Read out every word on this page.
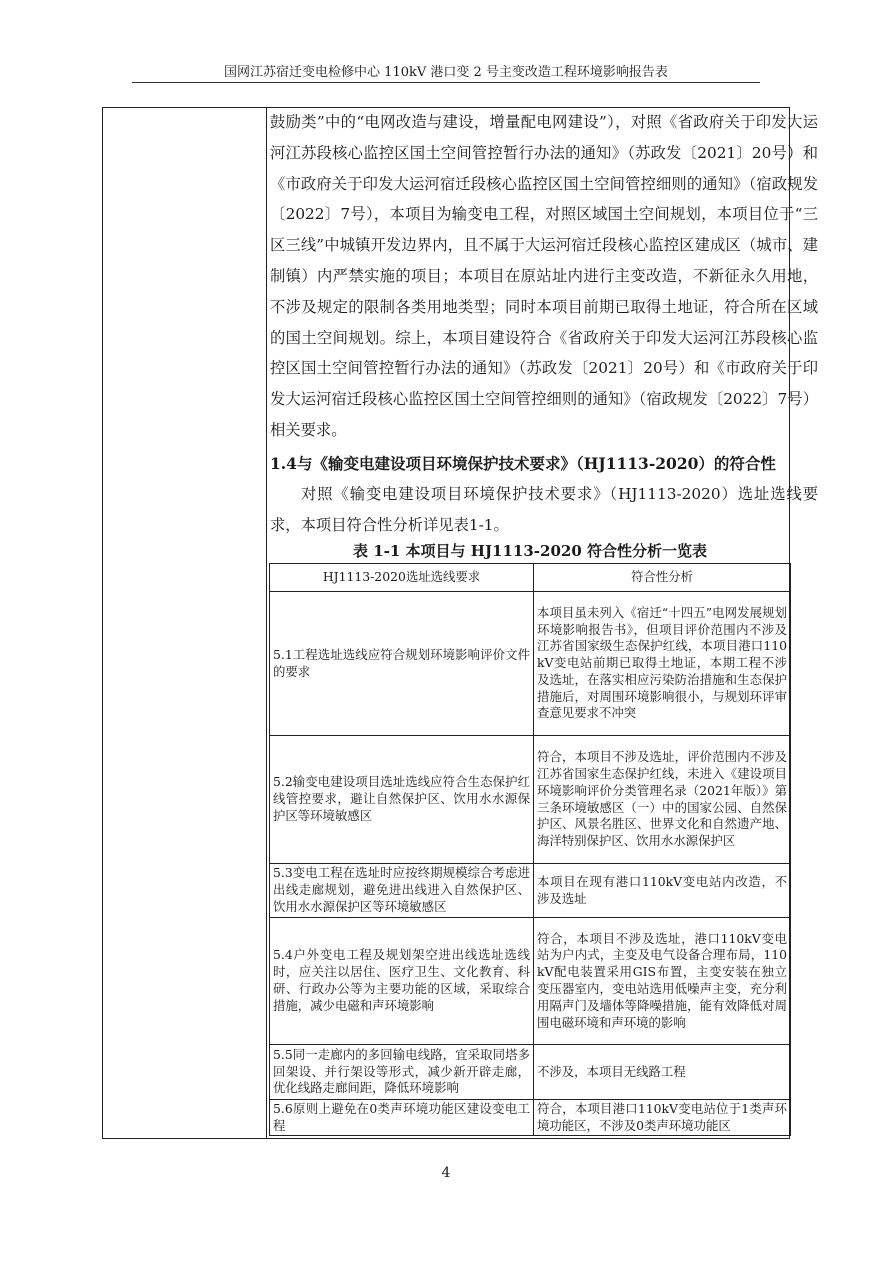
国网江苏宿迁变电检修中心 110kV 港口变 2 号主变改造工程环境影响报告表

鼓励类”中的“电网改造与建设，增量配电网建设”），对照《省政府关于印发大运河江苏段核心监控区国土空间管控暂行办法的通知》（苏政发〔2021〕20号）和《市政府关于印发大运河宿迁段核心监控区国土空间管控细则的通知》（宿政规发〔2022〕7号），本项目为输变电工程，对照区域国土空间规划，本项目位于“三区三线”中城镇开发边界内，且不属于大运河宿迁段核心监控区建成区（城市、建制镇）内严禁实施的项目；本项目在原站址内进行主变改造，不新征永久用地，不涉及规定的限制各类用地类型；同时本项目前期已取得土地证，符合所在区域的国土空间规划。综上，本项目建设符合《省政府关于印发大运河江苏段核心监控区国土空间管控暂行办法的通知》（苏政发〔2021〕20号）和《市政府关于印发大运河宿迁段核心监控区国土空间管控细则的通知》（宿政规发〔2022〕7号）相关要求。

1.4与《输变电建设项目环境保护技术要求》（HJ1113-2020）的符合性

对照《输变电建设项目环境保护技术要求》（HJ1113-2020）选址选线要求，本项目符合性分析详见表1-1。

表 1-1 本项目与 HJ1113-2020 符合性分析一览表
HJ1113-2020选址选线要求	符合性分析
5.1工程选址选线应符合规划环境影响评价文件的要求	本项目虽未列入《宿迁“十四五”电网发展规划环境影响报告书》，但项目评价范围内不涉及江苏省国家级生态保护红线，本项目港口110kV变电站前期已取得土地证，本期工程不涉及选址，在落实相应污染防治措施和生态保护措施后，对周围环境影响很小，与规划环评审查意见要求不冲突
5.2输变电建设项目选址选线应符合生态保护红线管控要求，避让自然保护区、饮用水水源保护区等环境敏感区	符合，本项目不涉及选址，评价范围内不涉及江苏省国家生态保护红线，未进入《建设项目环境影响评价分类管理名录（2021年版）》第三条环境敏感区（一）中的国家公园、自然保护区、风景名胜区、世界文化和自然遗产地、海洋特别保护区、饮用水水源保护区
5.3变电工程在选址时应按终期规模综合考虑进出线走廊规划，避免进出线进入自然保护区、饮用水水源保护区等环境敏感区	本项目在现有港口110kV变电站内改造，不涉及选址
5.4户外变电工程及规划架空进出线选址选线时，应关注以居住、医疗卫生、文化教育、科研、行政办公等为主要功能的区域，采取综合措施，减少电磁和声环境影响	符合，本项目不涉及选址，港口110kV变电站为户内式，主变及电气设备合理布局，110kV配电装置采用GIS布置，主变安装在独立变压器室内，变电站选用低噪声主变，充分利用隔声门及墙体等降噪措施，能有效降低对周围电磁环境和声环境的影响
5.5同一走廊内的多回输电线路，宜采取同塔多回架设、并行架设等形式，减少新开辟走廊，优化线路走廊间距，降低环境影响	不涉及，本项目无线路工程
5.6原则上避免在0类声环境功能区建设变电工程	符合，本项目港口110kV变电站位于1类声环境功能区，不涉及0类声环境功能区
4
